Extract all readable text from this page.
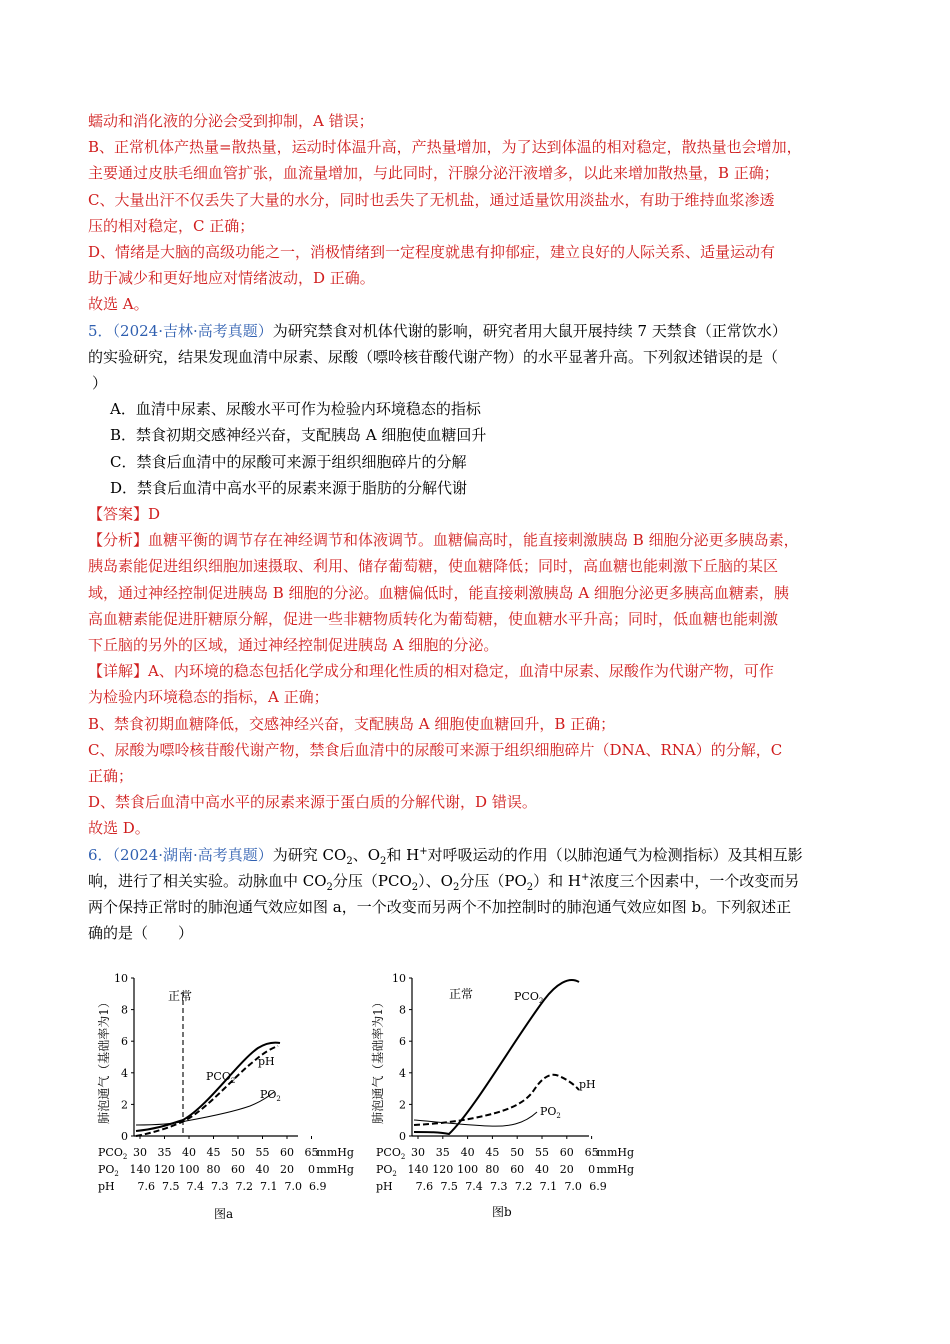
蠕动和消化液的分泌会受到抑制，A 错误；
B、正常机体产热量=散热量，运动时体温升高，产热量增加，为了达到体温的相对稳定，散热量也会增加，
主要通过皮肤毛细血管扩张，血流量增加，与此同时，汗腺分泌汗液增多，以此来增加散热量，B 正确；
C、大量出汗不仅丢失了大量的水分，同时也丢失了无机盐，通过适量饮用淡盐水，有助于维持血浆渗透
压的相对稳定，C 正确；
D、情绪是大脑的高级功能之一，消极情绪到一定程度就患有抑郁症，建立良好的人际关系、适量运动有
助于减少和更好地应对情绪波动，D 正确。
故选 A。
5．（2024·吉林·高考真题）为研究禁食对机体代谢的影响，研究者用大鼠开展持续 7 天禁食（正常饮水）
的实验研究，结果发现血清中尿素、尿酸（嘌呤核苷酸代谢产物）的水平显著升高。下列叙述错误的是（
）
A．血清中尿素、尿酸水平可作为检验内环境稳态的指标
B．禁食初期交感神经兴奋，支配胰岛 A 细胞使血糖回升
C．禁食后血清中的尿酸可来源于组织细胞碎片的分解
D．禁食后血清中高水平的尿素来源于脂肪的分解代谢
【答案】D
【分析】血糖平衡的调节存在神经调节和体液调节。血糖偏高时，能直接刺激胰岛 B 细胞分泌更多胰岛素，
胰岛素能促进组织细胞加速摄取、利用、储存葡萄糖，使血糖降低；同时，高血糖也能刺激下丘脑的某区
域，通过神经控制促进胰岛 B 细胞的分泌。血糖偏低时，能直接刺激胰岛 A 细胞分泌更多胰高血糖素，胰
高血糖素能促进肝糖原分解，促进一些非糖物质转化为葡萄糖，使血糖水平升高；同时，低血糖也能刺激
下丘脑的另外的区域，通过神经控制促进胰岛 A 细胞的分泌。
【详解】A、内环境的稳态包括化学成分和理化性质的相对稳定，血清中尿素、尿酸作为代谢产物，可作
为检验内环境稳态的指标，A 正确；
B、禁食初期血糖降低，交感神经兴奋，支配胰岛 A 细胞使血糖回升，B 正确；
C、尿酸为嘌呤核苷酸代谢产物，禁食后血清中的尿酸可来源于组织细胞碎片（DNA、RNA）的分解，C
正确；
D、禁食后血清中高水平的尿素来源于蛋白质的分解代谢，D 错误。
故选 D。
6．（2024·湖南·高考真题）为研究 $CO_2$、$O_2$和 H+对呼吸运动的作用（以肺泡通气为检测指标）及其相互影
响，进行了相关实验。动脉血中 $CO_2$分压$(PCO_2)$、$O_2$分压$(PO_2)$和 H+浓度三个因素中，一个改变而另
两个保持正常时的肺泡通气效应如图 a，一个改变而另两个不加控制时的肺泡通气效应如图 b。下列叙述正
确的是（　　）
肺泡通气（基础率为1）
0
2
4
6
8
10
正常
$PCO_2$
pH
$PO_2$
$PCO_2$ 30 35 40 45 50 55 60 65
mmHg
$PO_2$ 140 120 100 80 60 40 20 0 mmHg
pH 7.6 7.5 7.4 7.3 7.2 7.1 7.0 6.9
图a
肺泡通气（基础率为1）
0
2
4
6
8
10
正常	$PCO_2$
pH
$PO_2$
$PCO_2$ 30 35 40 45 50 55 60 65
mmHg
$PO_2$ 140 120 100 80 60 40 20 0 mmHg
pH 7.6 7.5 7.4 7.3 7.2 7.1 7.0 6.9
图b
